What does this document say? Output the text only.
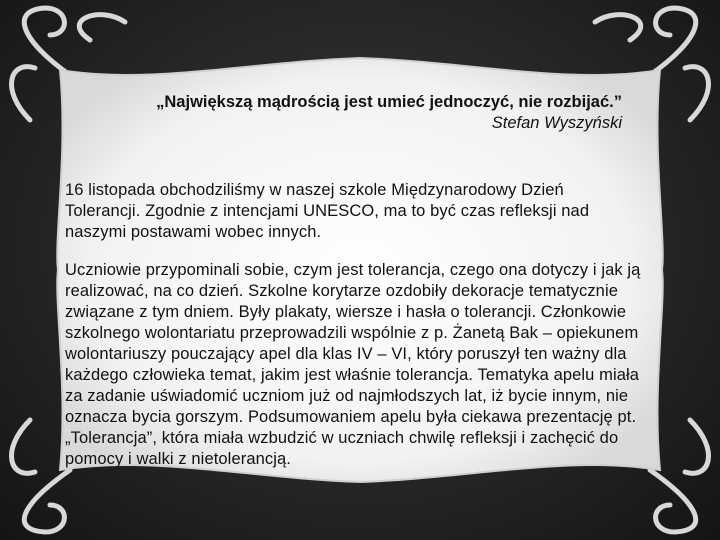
„Największą mądrością jest umieć jednoczyć, nie rozbijać.”

Stefan Wyszyński

16 listopada obchodziliśmy w naszej szkole Międzynarodowy Dzień Tolerancji. Zgodnie z intencjami UNESCO, ma to być czas refleksji nad naszymi postawami wobec innych.

Uczniowie przypominali sobie, czym jest tolerancja, czego ona dotyczy i jak ją realizować, na co dzień. Szkolne korytarze ozdobiły dekoracje tematycznie związane z tym dniem. Były plakaty, wiersze i hasła o tolerancji. Członkowie szkolnego wolontariatu przeprowadzili wspólnie z p. Żanetą Bak – opiekunem wolontariuszy pouczający apel dla klas IV – VI, który poruszył ten ważny dla każdego człowieka temat, jakim jest właśnie tolerancja. Tematyka apelu miała za zadanie uświadomić uczniom już od najmłodszych lat, iż bycie innym, nie oznacza bycia gorszym. Podsumowaniem apelu była ciekawa prezentację pt. „Tolerancja”, która miała wzbudzić w uczniach chwilę refleksji i zachęcić do pomocy i walki z nietolerancją.
